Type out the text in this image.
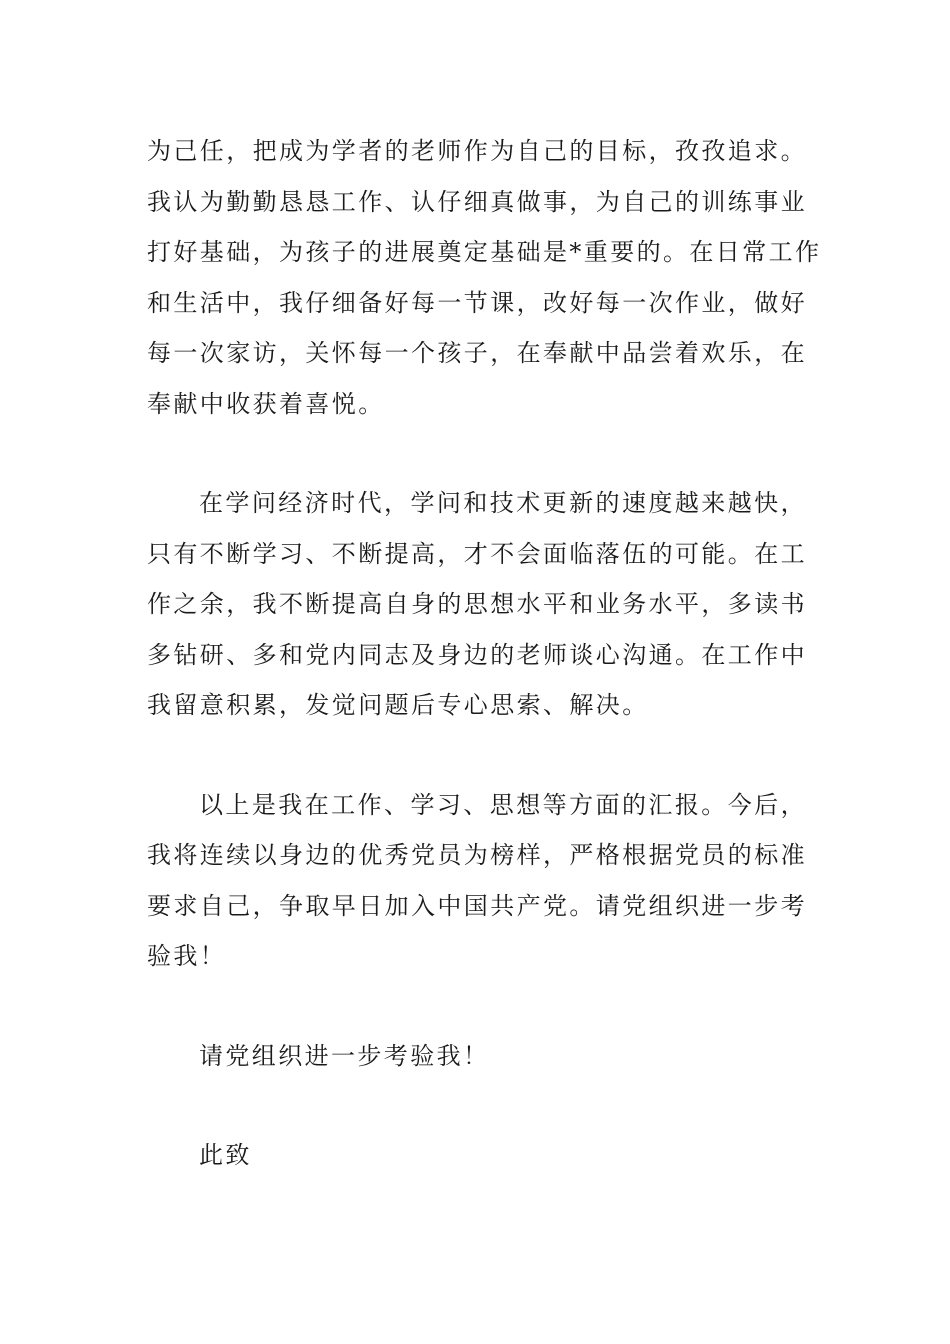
为己任，把成为学者的老师作为自己的目标，孜孜追求。
我认为勤勤恳恳工作、认仔细真做事，为自己的训练事业
打好基础，为孩子的进展奠定基础是*重要的。在日常工作
和生活中，我仔细备好每一节课，改好每一次作业，做好
每一次家访，关怀每一个孩子，在奉献中品尝着欢乐，在
奉献中收获着喜悦。

在学问经济时代，学问和技术更新的速度越来越快，
只有不断学习、不断提高，才不会面临落伍的可能。在工
作之余，我不断提高自身的思想水平和业务水平，多读书
多钻研、多和党内同志及身边的老师谈心沟通。在工作中
我留意积累，发觉问题后专心思索、解决。

以上是我在工作、学习、思想等方面的汇报。今后，
我将连续以身边的优秀党员为榜样，严格根据党员的标准
要求自己，争取早日加入中国共产党。请党组织进一步考
验我！

请党组织进一步考验我！

此致
